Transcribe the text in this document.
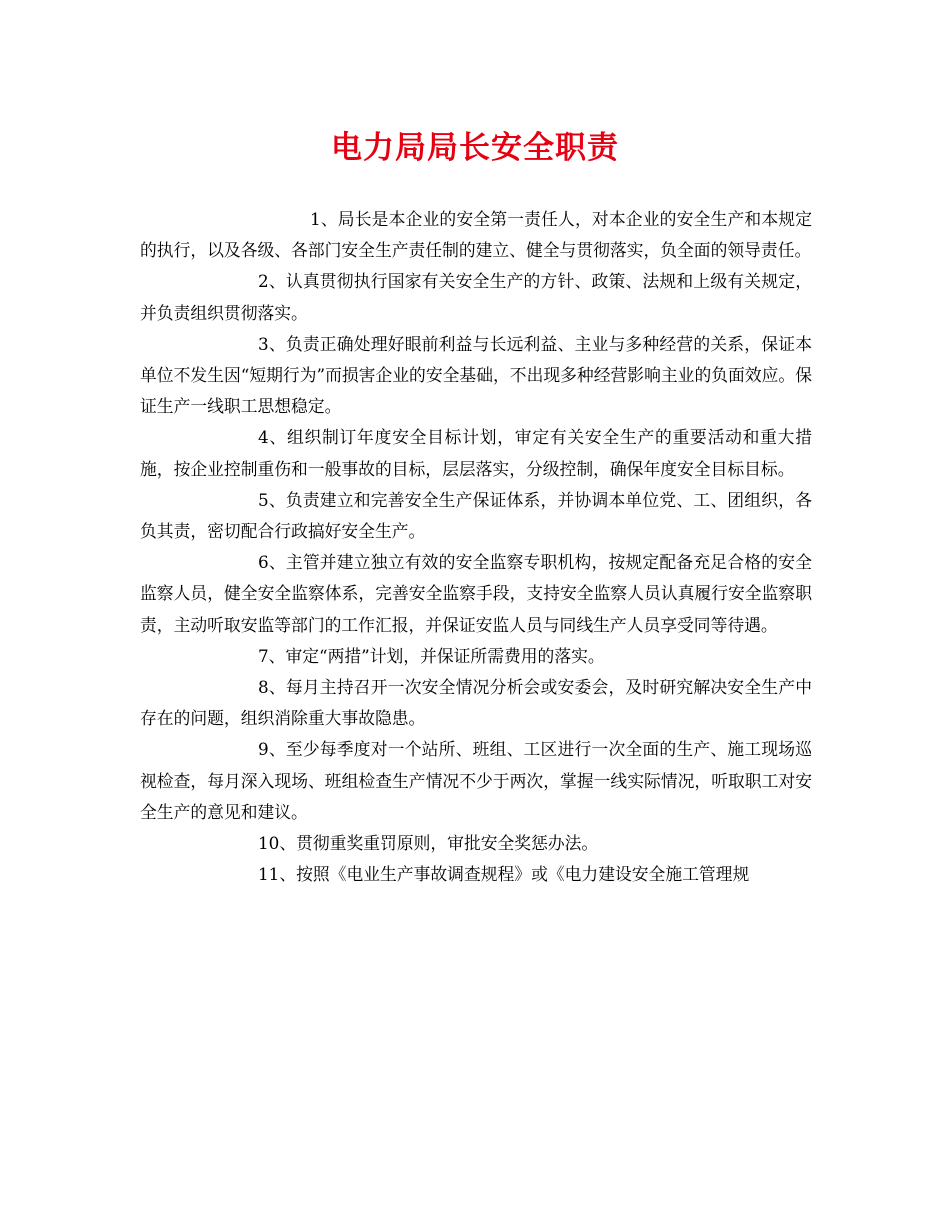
电力局局长安全职责

1、局长是本企业的安全第一责任人，对本企业的安全生产和本规定的执行，以及各级、各部门安全生产责任制的建立、健全与贯彻落实，负全面的领导责任。

2、认真贯彻执行国家有关安全生产的方针、政策、法规和上级有关规定，并负责组织贯彻落实。

3、负责正确处理好眼前利益与长远利益、主业与多种经营的关系，保证本单位不发生因“短期行为”而损害企业的安全基础，不出现多种经营影响主业的负面效应。保证生产一线职工思想稳定。

4、组织制订年度安全目标计划，审定有关安全生产的重要活动和重大措施，按企业控制重伤和一般事故的目标，层层落实，分级控制，确保年度安全目标目标。

5、负责建立和完善安全生产保证体系，并协调本单位党、工、团组织，各负其责，密切配合行政搞好安全生产。

6、主管并建立独立有效的安全监察专职机构，按规定配备充足合格的安全监察人员，健全安全监察体系，完善安全监察手段，支持安全监察人员认真履行安全监察职责，主动听取安监等部门的工作汇报，并保证安监人员与同线生产人员享受同等待遇。

7、审定“两措”计划，并保证所需费用的落实。

8、每月主持召开一次安全情况分析会或安委会，及时研究解决安全生产中存在的问题，组织消除重大事故隐患。

9、至少每季度对一个站所、班组、工区进行一次全面的生产、施工现场巡视检查，每月深入现场、班组检查生产情况不少于两次，掌握一线实际情况，听取职工对安全生产的意见和建议。

10、贯彻重奖重罚原则，审批安全奖惩办法。

11、按照《电业生产事故调查规程》或《电力建设安全施工管理规
